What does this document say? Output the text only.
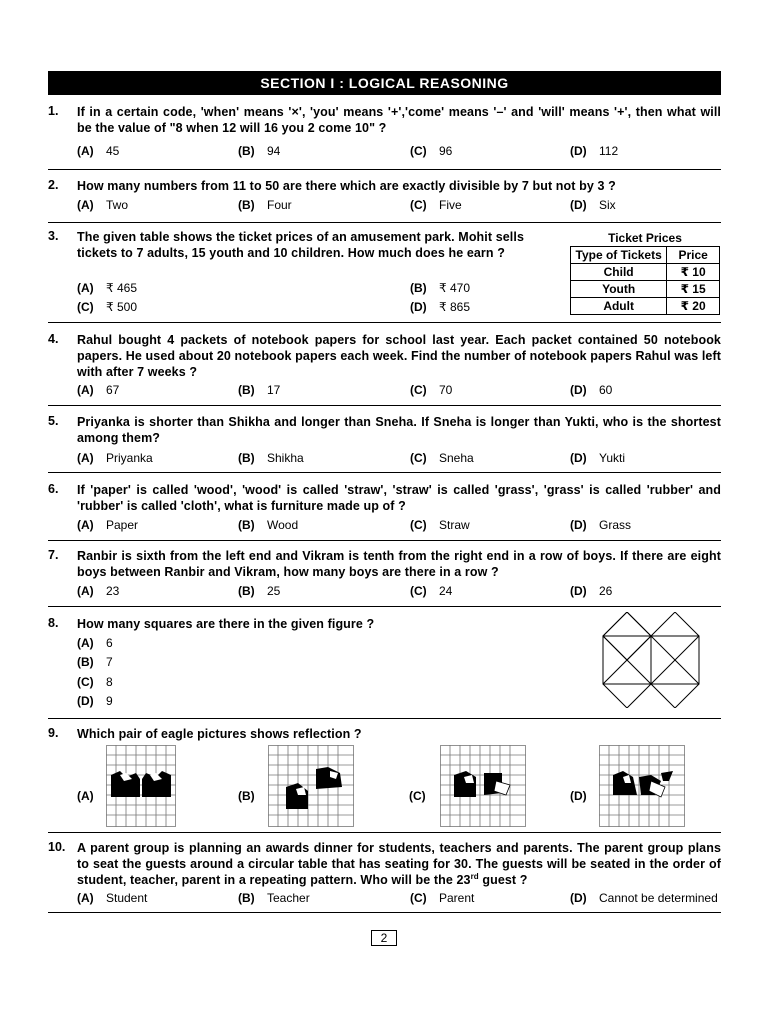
SECTION I : LOGICAL REASONING
1. If in a certain code, 'when' means '×', 'you' means '+','come' means '–' and 'will' means '+', then what will be the value of "8 when 12 will 16 you 2 come 10" ?
(A) 45	(B) 94	(C) 96	(D) 112
2. How many numbers from 11 to 50 are there which are exactly divisible by 7 but not by 3 ?
(A) Two	(B) Four	(C) Five	(D) Six
3. The given table shows the ticket prices of an amusement park. Mohit sells tickets to 7 adults, 15 youth and 10 children. How much does he earn ?
(A) ₹ 465	(B) ₹ 470
(C) ₹ 500	(D) ₹ 865
Ticket Prices
Type of Tickets	Price
Child	₹ 10
Youth	₹ 15
Adult	₹ 20
4. Rahul bought 4 packets of notebook papers for school last year. Each packet contained 50 notebook papers. He used about 20 notebook papers each week. Find the number of notebook papers Rahul was left with after 7 weeks ?
(A) 67	(B) 17	(C) 70	(D) 60
5. Priyanka is shorter than Shikha and longer than Sneha. If Sneha is longer than Yukti, who is the shortest among them?
(A) Priyanka	(B) Shikha	(C) Sneha	(D) Yukti
6. If 'paper' is called 'wood', 'wood' is called 'straw', 'straw' is called 'grass', 'grass' is called 'rubber' and 'rubber' is called 'cloth', what is furniture made up of ?
(A) Paper	(B) Wood	(C) Straw	(D) Grass
7. Ranbir is sixth from the left end and Vikram is tenth from the right end in a row of boys. If there are eight boys between Ranbir and Vikram, how many boys are there in a row ?
(A) 23	(B) 25	(C) 24	(D) 26
8. How many squares are there in the given figure ?
(A) 6
(B) 7
(C) 8
(D) 9
9. Which pair of eagle pictures shows reflection ?
(A)	(B)	(C)	(D)
10. A parent group is planning an awards dinner for students, teachers and parents. The parent group plans to seat the guests around a circular table that has seating for 30. The guests will be seated in the order of student, teacher, parent in a repeating pattern. Who will be the 23rd guest ?
(A) Student	(B) Teacher	(C) Parent	(D) Cannot be determined
2
